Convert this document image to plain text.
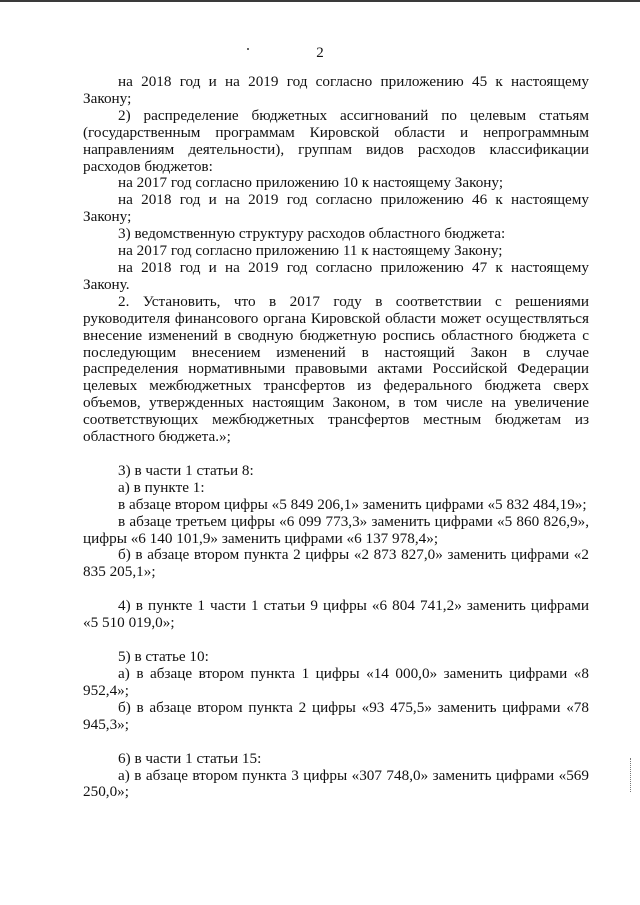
2

на 2018 год и на 2019 год согласно приложению 45 к настоящему Закону;

2) распределение бюджетных ассигнований по целевым статьям (государственным программам Кировской области и непрограммным направлениям деятельности), группам видов расходов классификации расходов бюджетов:

на 2017 год согласно приложению 10 к настоящему Закону;

на 2018 год и на 2019 год согласно приложению 46 к настоящему Закону;

3) ведомственную структуру расходов областного бюджета:

на 2017 год согласно приложению 11 к настоящему Закону;

на 2018 год и на 2019 год согласно приложению 47 к настоящему Закону.

2. Установить, что в 2017 году в соответствии с решениями руководителя финансового органа Кировской области может осуществляться внесение изменений в сводную бюджетную роспись областного бюджета с последующим внесением изменений в настоящий Закон в случае распределения нормативными правовыми актами Российской Федерации целевых межбюджетных трансфертов из федерального бюджета сверх объемов, утвержденных настоящим Законом, в том числе на увеличение соответствующих межбюджетных трансфертов местным бюджетам из областного бюджета.»;

3) в части 1 статьи 8:

а) в пункте 1:

в абзаце втором цифры «5 849 206,1» заменить цифрами «5 832 484,19»;

в абзаце третьем цифры «6 099 773,3» заменить цифрами «5 860 826,9», цифры «6 140 101,9» заменить цифрами «6 137 978,4»;

б) в абзаце втором пункта 2 цифры «2 873 827,0» заменить цифрами «2 835 205,1»;

4) в пункте 1 части 1 статьи 9 цифры «6 804 741,2» заменить цифрами «5 510 019,0»;

5) в статье 10:

а) в абзаце втором пункта 1 цифры «14 000,0» заменить цифрами «8 952,4»;

б) в абзаце втором пункта 2 цифры «93 475,5» заменить цифрами «78 945,3»;

6) в части 1 статьи 15:

а) в абзаце втором пункта 3 цифры «307 748,0» заменить цифрами «569 250,0»;
